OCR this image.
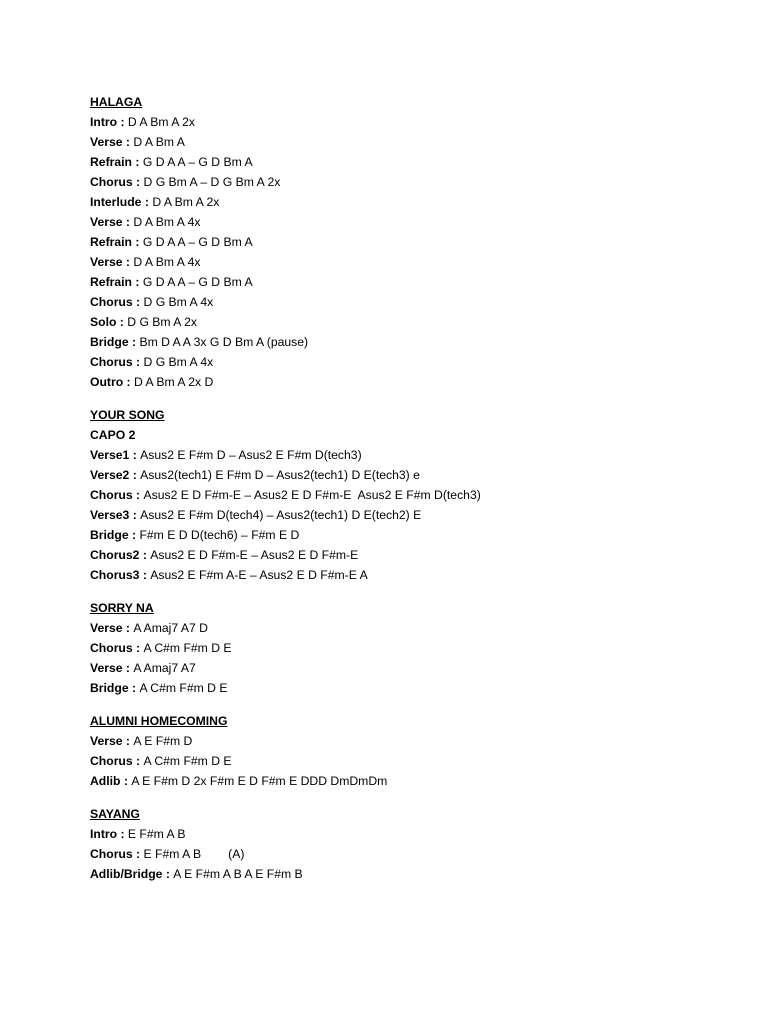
HALAGA
Intro : D A Bm A 2x
Verse : D A Bm A
Refrain : G D A A – G D Bm A
Chorus : D G Bm A – D G Bm A 2x
Interlude : D A Bm A 2x
Verse : D A Bm A 4x
Refrain : G D A A – G D Bm A
Verse : D A Bm A 4x
Refrain : G D A A – G D Bm A
Chorus : D G Bm A 4x
Solo : D G Bm A 2x
Bridge : Bm D A A 3x G D Bm A (pause)
Chorus : D G Bm A 4x
Outro : D A Bm A 2x D
YOUR SONG
CAPO 2
Verse1 : Asus2 E F#m D – Asus2 E F#m D(tech3)
Verse2 : Asus2(tech1) E F#m D – Asus2(tech1) D E(tech3) e
Chorus : Asus2 E D F#m-E – Asus2 E D F#m-E  Asus2 E F#m D(tech3)
Verse3 : Asus2 E F#m D(tech4) – Asus2(tech1) D E(tech2) E
Bridge : F#m E D D(tech6) – F#m E D
Chorus2 : Asus2 E D F#m-E – Asus2 E D F#m-E
Chorus3 : Asus2 E F#m A-E – Asus2 E D F#m-E A
SORRY NA
Verse : A Amaj7 A7 D
Chorus : A C#m F#m D E
Verse : A Amaj7 A7
Bridge : A C#m F#m D E
ALUMNI HOMECOMING
Verse : A E F#m D
Chorus : A C#m F#m D E
Adlib : A E F#m D 2x F#m E D F#m E DDD DmDmDm
SAYANG
Intro : E F#m A B
Chorus : E F#m A B        (A)
Adlib/Bridge : A E F#m A B A E F#m B
